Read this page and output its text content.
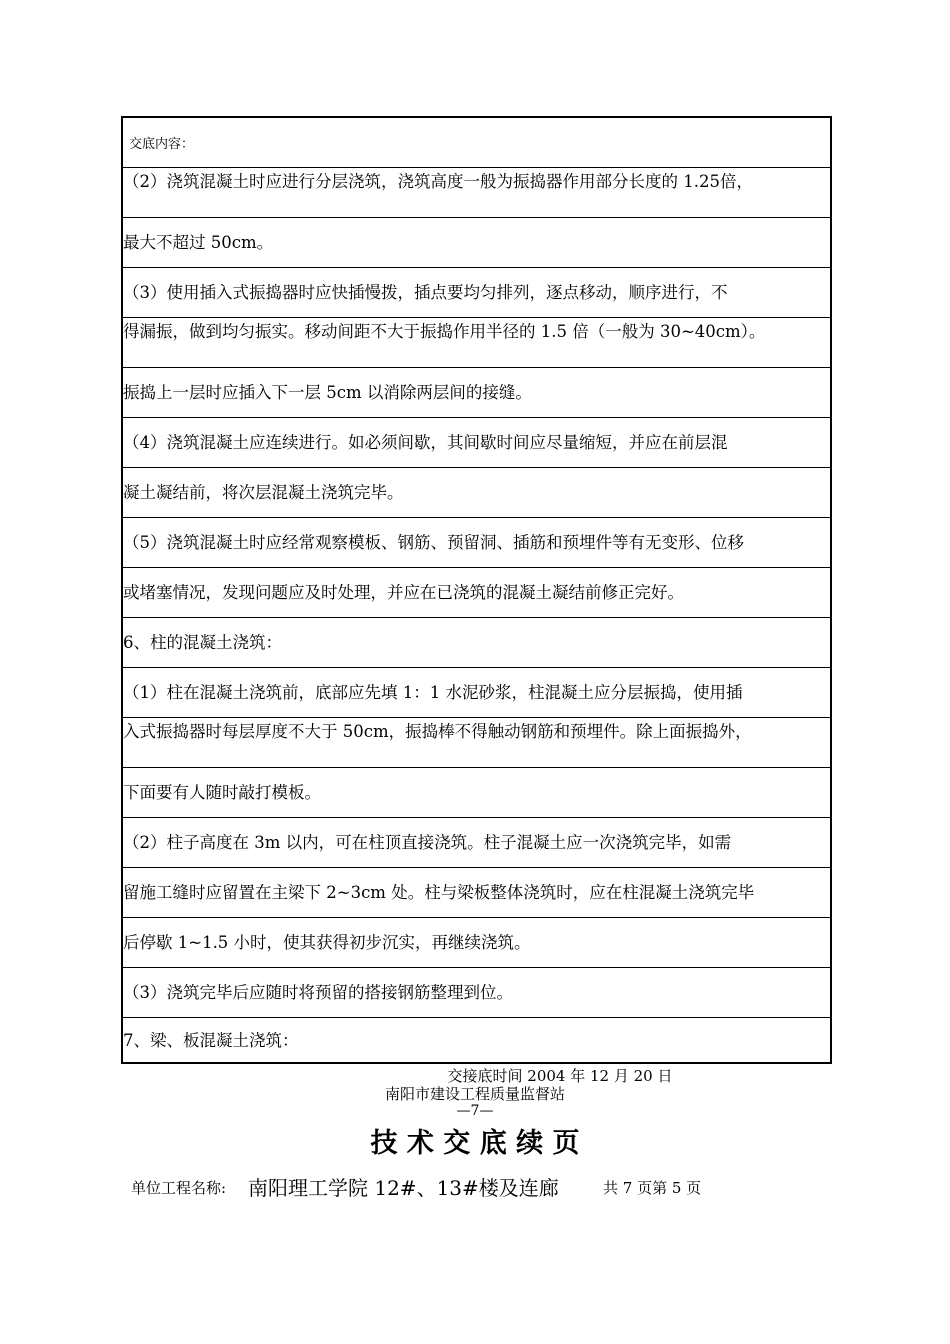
交底内容：
（2）浇筑混凝土时应进行分层浇筑，浇筑高度一般为振捣器作用部分长度的 1.25倍，
最大不超过 50cm。
（3）使用插入式振捣器时应快插慢拨，插点要均匀排列，逐点移动，顺序进行，不
得漏振，做到均匀振实。移动间距不大于振捣作用半径的 1.5 倍（一般为 30~40cm）。
振捣上一层时应插入下一层 5cm 以消除两层间的接缝。
（4）浇筑混凝土应连续进行。如必须间歇，其间歇时间应尽量缩短，并应在前层混
凝土凝结前，将次层混凝土浇筑完毕。
（5）浇筑混凝土时应经常观察模板、钢筋、预留洞、插筋和预埋件等有无变形、位移
或堵塞情况，发现问题应及时处理，并应在已浇筑的混凝土凝结前修正完好。
6、柱的混凝土浇筑：
（1）柱在混凝土浇筑前，底部应先填 1：1 水泥砂浆，柱混凝土应分层振捣，使用插
入式振捣器时每层厚度不大于 50cm，振捣棒不得触动钢筋和预埋件。除上面振捣外，
下面要有人随时敲打模板。
（2）柱子高度在 3m 以内，可在柱顶直接浇筑。柱子混凝土应一次浇筑完毕，如需
留施工缝时应留置在主梁下 2~3cm 处。柱与梁板整体浇筑时，应在柱混凝土浇筑完毕
后停歇 1~1.5 小时，使其获得初步沉实，再继续浇筑。
（3）浇筑完毕后应随时将预留的搭接钢筋整理到位。
7、梁、板混凝土浇筑：
交接底时间 2004 年 12 月 20 日
南阳市建设工程质量监督站
—7—
技 术 交 底 续 页
单位工程名称: 南阳理工学院 12#、13#楼及连廊	共 7 页第 5 页
